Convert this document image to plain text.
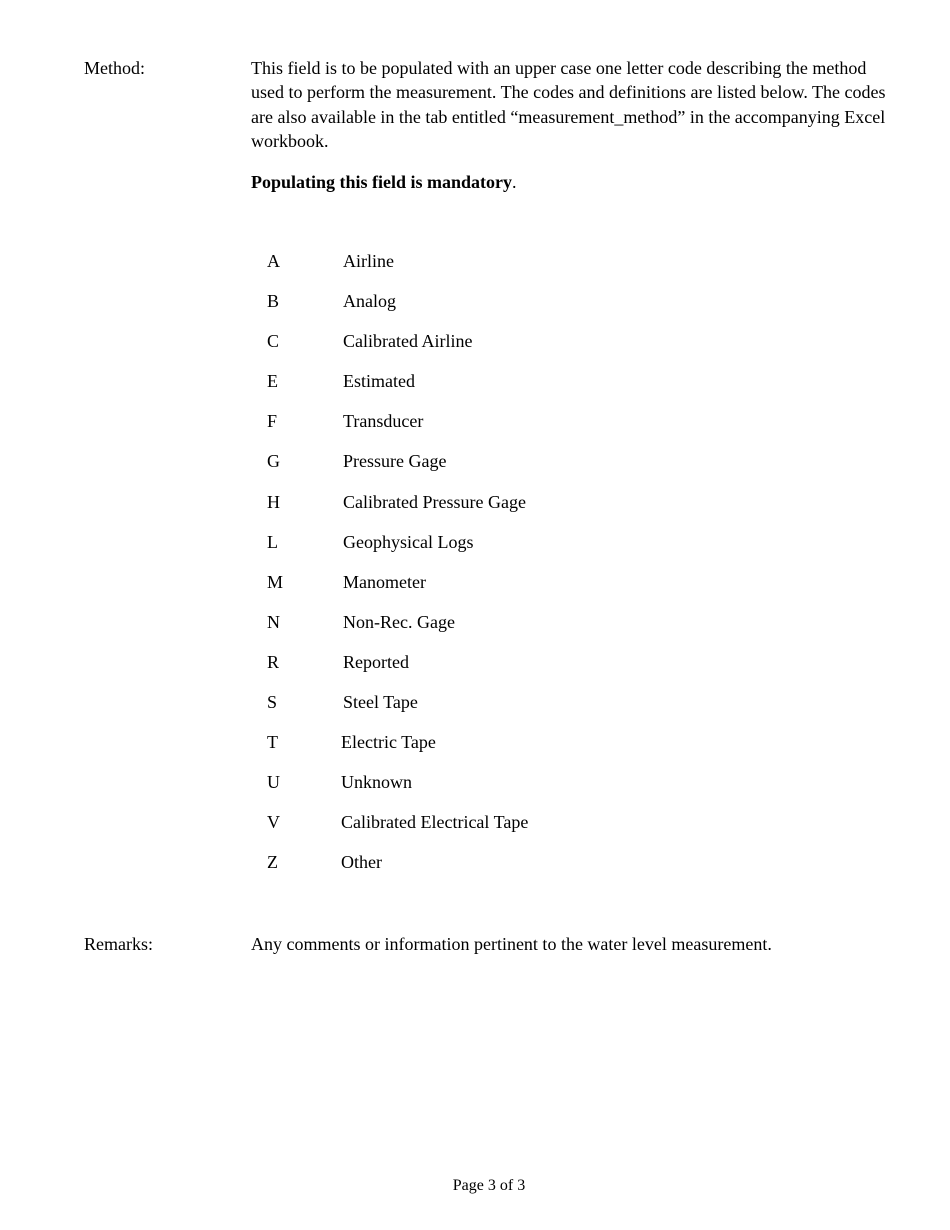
Method:	This field is to be populated with an upper case one letter code describing the method used to perform the measurement. The codes and definitions are listed below. The codes are also available in the tab entitled “measurement_method” in the accompanying Excel workbook.

Populating this field is mandatory.

A	Airline
B	Analog
C	Calibrated Airline
E	Estimated
F	Transducer
G	Pressure Gage
H	Calibrated Pressure Gage
L	Geophysical Logs
M	Manometer
N	Non-Rec. Gage
R	Reported
S	Steel Tape
T	Electric Tape
U	Unknown
V	Calibrated Electrical Tape
Z	Other
Remarks:	Any comments or information pertinent to the water level measurement.
Page 3 of 3
